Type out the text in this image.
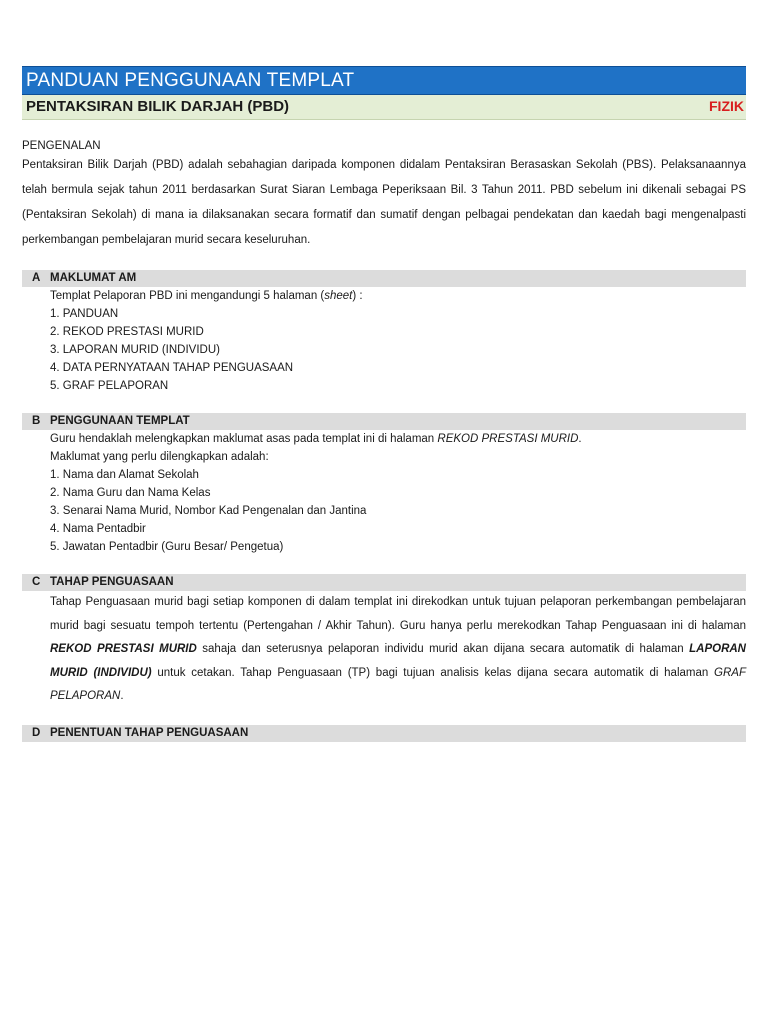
PANDUAN PENGGUNAAN TEMPLAT
PENTAKSIRAN BILIK DARJAH (PBD)	FIZIK
PENGENALAN
Pentaksiran Bilik Darjah (PBD) adalah sebahagian daripada komponen didalam Pentaksiran Berasaskan Sekolah (PBS). Pelaksanaannya telah bermula sejak tahun 2011 berdasarkan Surat Siaran Lembaga Peperiksaan Bil. 3 Tahun 2011. PBD sebelum ini dikenali sebagai PS (Pentaksiran Sekolah) di mana ia dilaksanakan secara formatif dan sumatif dengan pelbagai pendekatan dan kaedah bagi mengenalpasti perkembangan pembelajaran murid secara keseluruhan.
A MAKLUMAT AM
Templat Pelaporan PBD ini mengandungi 5 halaman (sheet) :
1. PANDUAN
2. REKOD PRESTASI MURID
3. LAPORAN MURID (INDIVIDU)
4. DATA PERNYATAAN TAHAP PENGUASAAN
5. GRAF PELAPORAN
B PENGGUNAAN TEMPLAT
Guru hendaklah melengkapkan maklumat asas pada templat ini di halaman REKOD PRESTASI MURID.
Maklumat yang perlu dilengkapkan adalah:
1. Nama dan Alamat Sekolah
2. Nama Guru dan Nama Kelas
3. Senarai Nama Murid, Nombor Kad Pengenalan dan Jantina
4. Nama Pentadbir
5. Jawatan Pentadbir (Guru Besar/ Pengetua)
C TAHAP PENGUASAAN
Tahap Penguasaan murid bagi setiap komponen di dalam templat ini direkodkan untuk tujuan pelaporan perkembangan pembelajaran murid bagi sesuatu tempoh tertentu (Pertengahan / Akhir Tahun). Guru hanya perlu merekodkan Tahap Penguasaan ini di halaman REKOD PRESTASI MURID sahaja dan seterusnya pelaporan individu murid akan dijana secara automatik di halaman LAPORAN MURID (INDIVIDU) untuk cetakan. Tahap Penguasaan (TP) bagi tujuan analisis kelas dijana secara automatik di halaman GRAF PELAPORAN.
D PENENTUAN TAHAP PENGUASAAN
